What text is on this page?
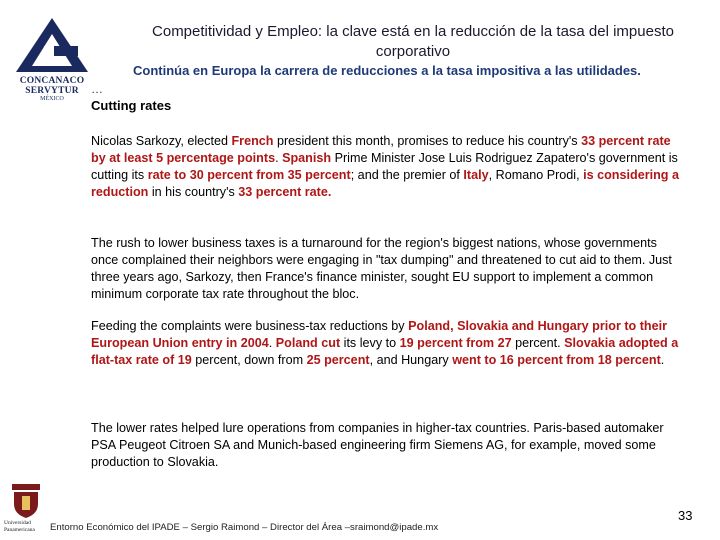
CONCANACO
SERVYTUR
MÉXICO
Competitividad y Empleo: la clave está en la reducción de la tasa del impuesto corporativo
Continúa en Europa la carrera de reducciones a la tasa impositiva a las utilidades.
…
Cutting rates

Nicolas Sarkozy, elected French president this month, promises to reduce his country's 33 percent rate by at least 5 percentage points. Spanish Prime Minister Jose Luis Rodriguez Zapatero's government is cutting its rate to 30 percent from 35 percent; and the premier of Italy, Romano Prodi, is considering a reduction in his country's 33 percent rate.

The rush to lower business taxes is a turnaround for the region's biggest nations, whose governments once complained their neighbors were engaging in "tax dumping" and threatened to cut aid to them. Just three years ago, Sarkozy, then France's finance minister, sought EU support to implement a common minimum corporate tax rate throughout the bloc.

Feeding the complaints were business-tax reductions by Poland, Slovakia and Hungary prior to their European Union entry in 2004. Poland cut its levy to 19 percent from 27 percent. Slovakia adopted a flat-tax rate of 19 percent, down from 25 percent, and Hungary went to 16 percent from 18 percent.

The lower rates helped lure operations from companies in higher-tax countries. Paris-based automaker PSA Peugeot Citroen SA and Munich-based engineering firm Siemens AG, for example, moved some production to Slovakia.

Universidad Panamericana	Entorno Económico del IPADE – Sergio Raimond – Director del Área –sraimond@ipade.mx
33
